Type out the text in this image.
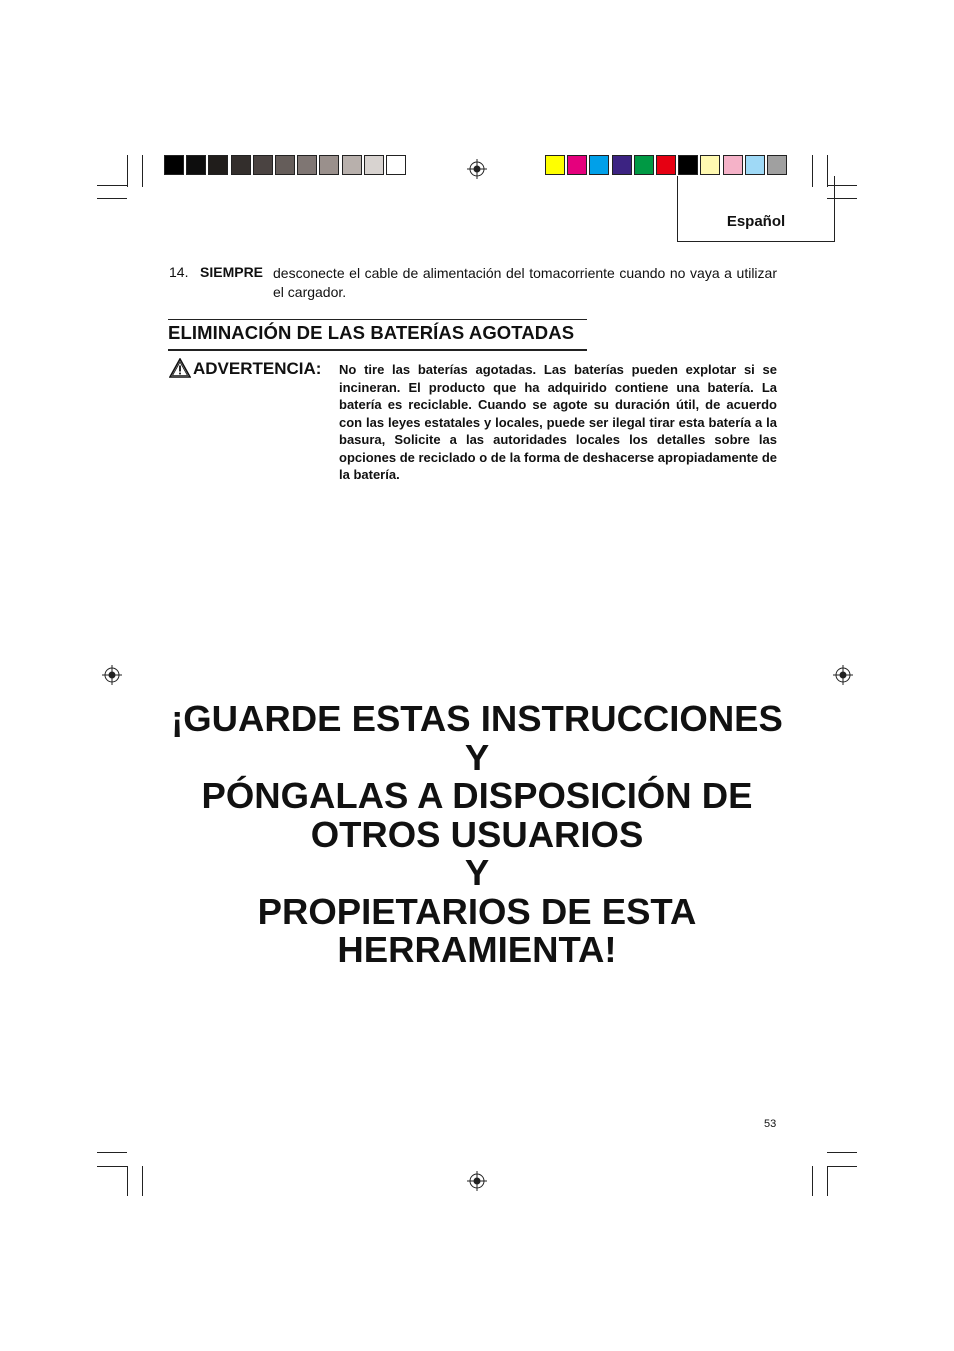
Español
14. SIEMPRE desconecte el cable de alimentación del tomacorriente cuando no vaya a utilizar el cargador.
ELIMINACIÓN DE LAS BATERÍAS AGOTADAS
ADVERTENCIA: No tire las baterías agotadas. Las baterías pueden explotar si se incineran. El producto que ha adquirido contiene una batería. La batería es reciclable. Cuando se agote su duración útil, de acuerdo con las leyes estatales y locales, puede ser ilegal tirar esta batería a la basura, Solicite a las autoridades locales los detalles sobre las opciones de reciclado o de la forma de deshacerse apropiadamente de la batería.
¡GUARDE ESTAS INSTRUCCIONES
Y
PÓNGALAS A DISPOSICIÓN DE
OTROS USUARIOS
Y
PROPIETARIOS DE ESTA
HERRAMIENTA!
53
